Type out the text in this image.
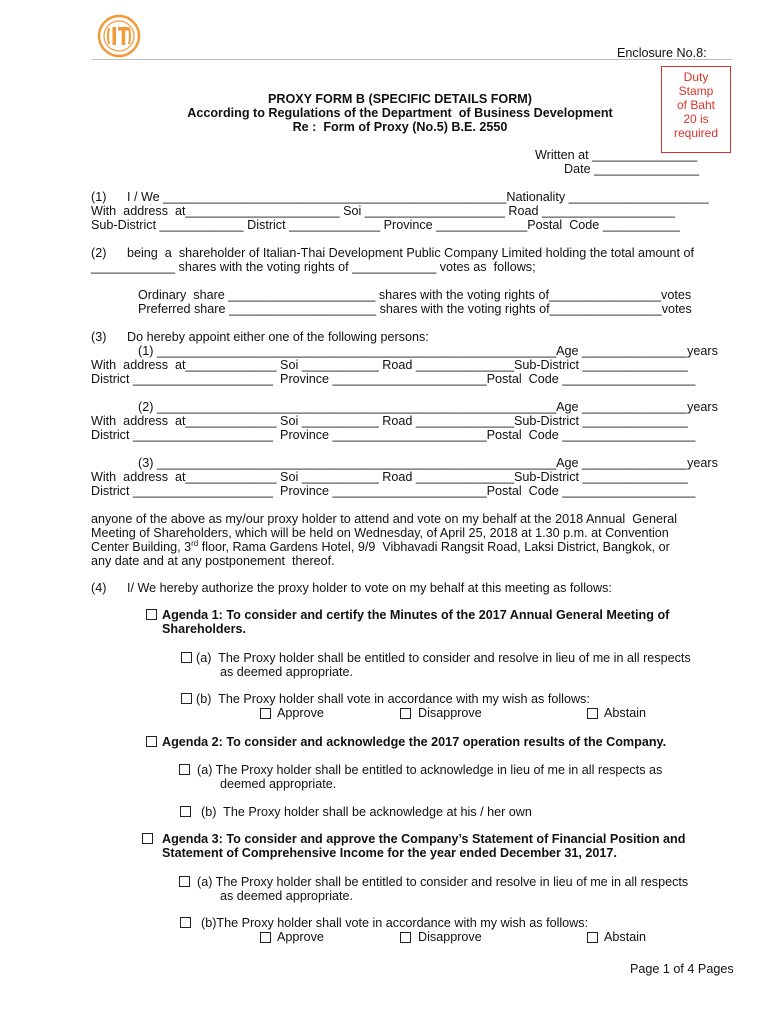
Enclosure No.8:
Duty
Stamp
of Baht
20 is
required
PROXY FORM B (SPECIFIC DETAILS FORM)
According to Regulations of the Department  of Business Development
Re :  Form of Proxy (No.5) B.E. 2550
Written at _______________
Date _______________
(1) I / We _________________________________________________Nationality ____________________
With  address  at______________________ Soi ____________________ Road ___________________
Sub-District ____________ District _____________ Province _____________Postal  Code ___________
(2) being  a  shareholder of Italian-Thai Development Public Company Limited holding the total amount of
____________ shares with the voting rights of ____________ votes as  follows;
Ordinary  share _____________________ shares with the voting rights of________________votes
Preferred share _____________________ shares with the voting rights of________________votes
(3) Do hereby appoint either one of the following persons:
(1) _________________________________________________________Age _______________years
With  address  at_____________ Soi ___________ Road ______________Sub-District _______________
District ____________________  Province ______________________Postal  Code ___________________
(2) _________________________________________________________Age _______________years
With  address  at_____________ Soi ___________ Road ______________Sub-District _______________
District ____________________  Province ______________________Postal  Code ___________________
(3) _________________________________________________________Age _______________years
With  address  at_____________ Soi ___________ Road ______________Sub-District _______________
District ____________________  Province ______________________Postal  Code ___________________
anyone of the above as my/our proxy holder to attend and vote on my behalf at the 2018 Annual  General
Meeting of Shareholders, which will be held on Wednesday, of April 25, 2018 at 1.30 p.m. at Convention
Center Building, 3rd floor, Rama Gardens Hotel, 9/9  Vibhavadi Rangsit Road, Laksi District, Bangkok, or
any date and at any postponement  thereof.
(4) I/ We hereby authorize the proxy holder to vote on my behalf at this meeting as follows:
Agenda 1: To consider and certify the Minutes of the 2017 Annual General Meeting of
Shareholders.
(a)  The Proxy holder shall be entitled to consider and resolve in lieu of me in all respects
as deemed appropriate.
(b)  The Proxy holder shall vote in accordance with my wish as follows:
Approve	Disapprove	Abstain
Agenda 2: To consider and acknowledge the 2017 operation results of the Company.
(a) The Proxy holder shall be entitled to acknowledge in lieu of me in all respects as
deemed appropriate.
(b)  The Proxy holder shall be acknowledge at his / her own
Agenda 3: To consider and approve the Company’s Statement of Financial Position and
Statement of Comprehensive Income for the year ended December 31, 2017.
(a) The Proxy holder shall be entitled to consider and resolve in lieu of me in all respects
as deemed appropriate.
(b)The Proxy holder shall vote in accordance with my wish as follows:
Approve	Disapprove	Abstain
Page 1 of 4 Pages
